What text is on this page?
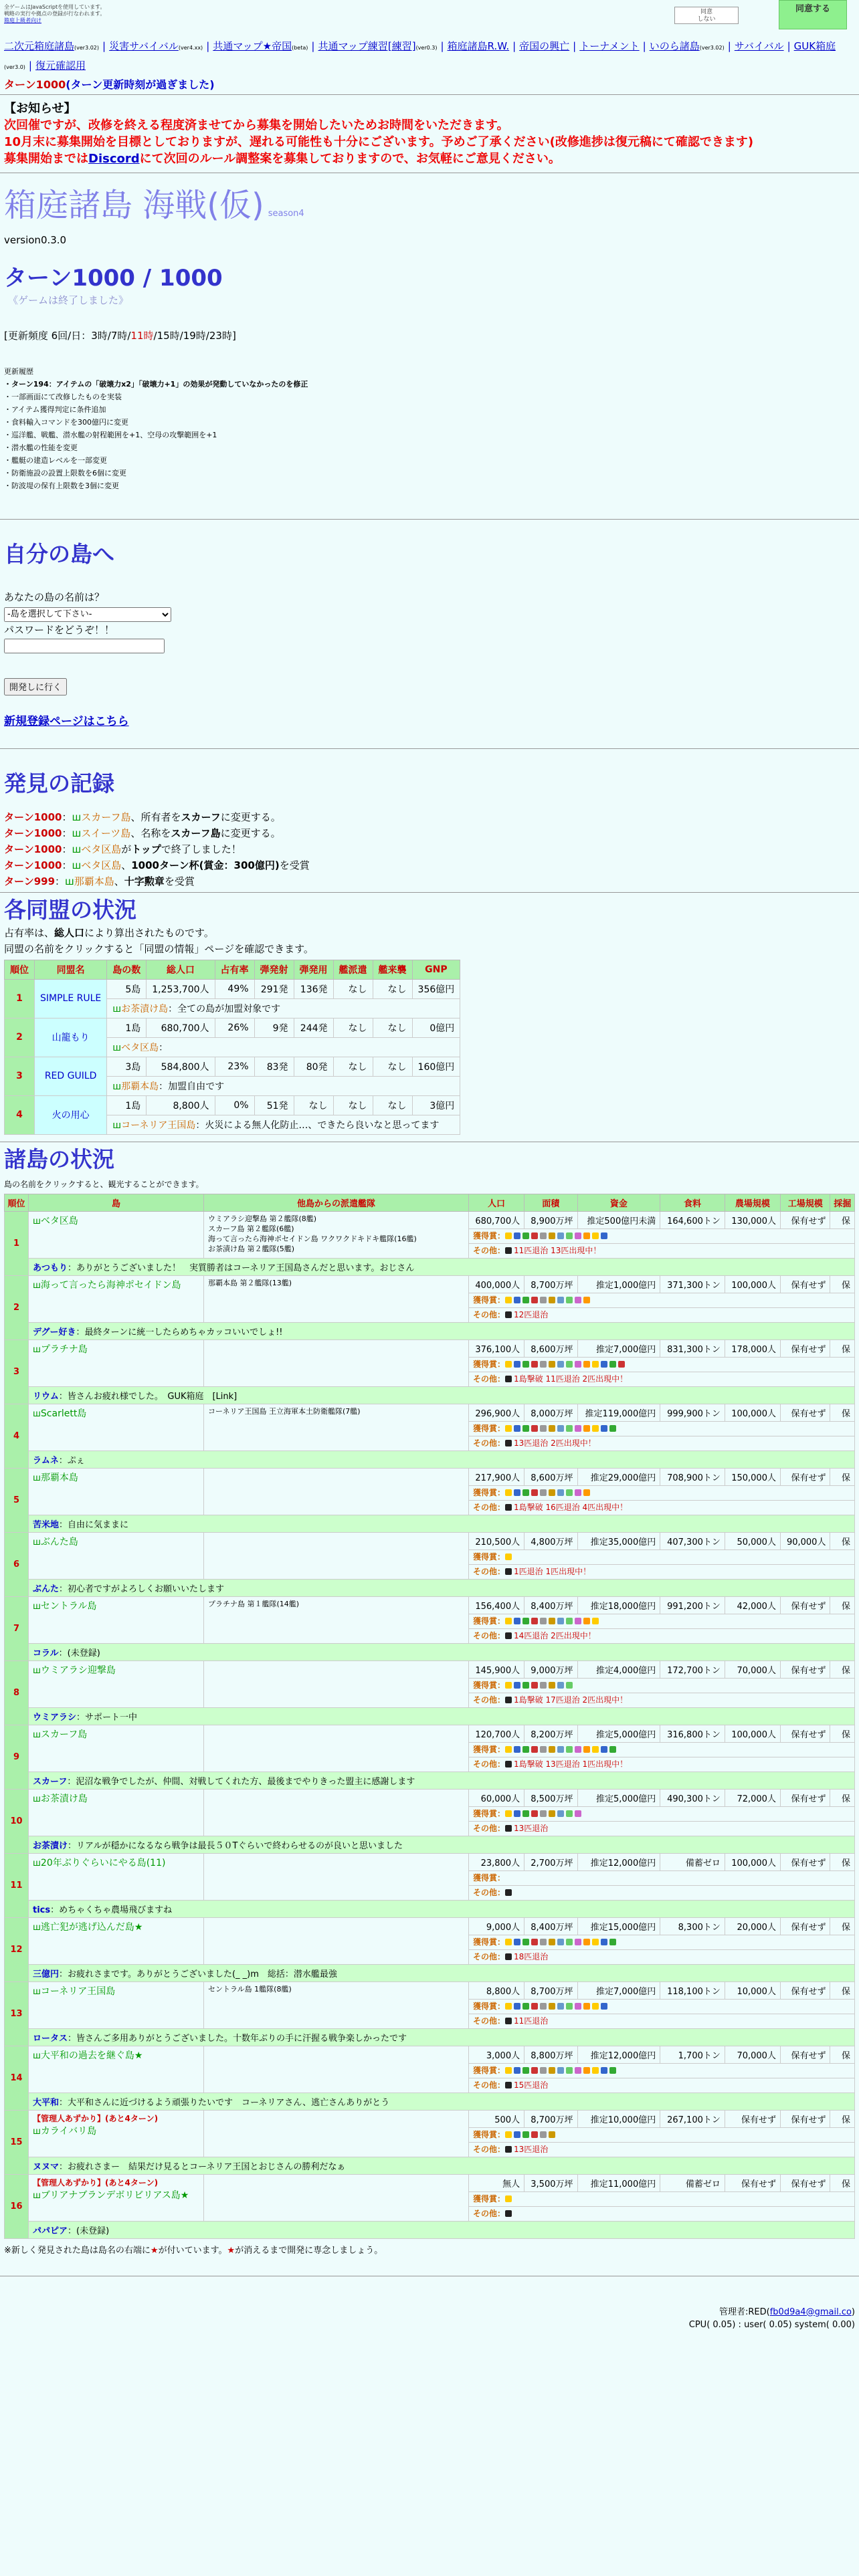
全ゲームはJavaScriptを使用しています。
戦略の実行や拠点の登録が行なわれます。
箱庭上級者向け
同意
しない
同意する
二次元箱庭諸島(ver3.02) | 災害サバイバル(ver4.xx) | 共通マップ★帝国(beta) | 共通マップ練習[練習](ver0.3) | 箱庭諸島R.W. | 帝国の興亡 | トーナメント | いのら諸島(ver3.02) | サバイバル | GUK箱庭(ver3.0) | 復元確認用
ターン1000(ターン更新時刻が過ぎました)
【お知らせ】
次回催ですが、改修を終える程度済ませてから募集を開始したいためお時間をいただきます。
10月末に募集開始を目標としておりますが、遅れる可能性も十分にございます。予めご了承ください(改修進捗は復元稿にて確認できます)
募集開始まではDiscordにて次回のルール調整案を募集しておりますので、お気軽にご意見ください。
箱庭諸島 海戦(仮) season4
version0.3.0
ターン1000 / 1000
《ゲームは終了しました》
[更新頻度 6回/日：3時/7時/11時/15時/19時/23時]
更新履歴
・ターン194：アイテムの「破壊力x2」「破壊力+1」の効果が発動していなかったのを修正
・一部画面にて改修したものを実装
・アイテム獲得判定に条件追加
・食料輸入コマンドを300億円に変更
・巡洋艦、戦艦、潜水艦の射程範囲を+1、空母の攻撃範囲を+1
・潜水艦の性能を変更
・艦艇の建造レベルを一部変更
・防衛施設の設置上限数を6個に変更
・防波堤の保有上限数を3個に変更
自分の島へ
あなたの島の名前は？
-島を選択して下さい-
パスワードをどうぞ！！
開発しに行く
新規登録ページはこちら
発見の記録
ターン1000：шスカーフ島、所有者をスカーフに変更する。
ターン1000：шスイーツ島、名称をスカーフ島に変更する。
ターン1000：шベタ区島がトップで終了しました！
ターン1000：шベタ区島、1000ターン杯(賞金：300億円)を受賞
ターン999：ш那覇本島、十字勲章を受賞
各同盟の状況
占有率は、総人口により算出されたものです。
同盟の名前をクリックすると「同盟の情報」ページを確認できます。
順位	同盟名	島の数	総人口	占有率	弾発射	弾発用	艦派遣	艦来襲	GNP
1	SIMPLE RULE	5島	1,253,700人	49%	291発	136発	なし	なし	356億円
		шお茶漬け島：全ての島が加盟対象です							
2	山籠もり	1島	680,700人	26%	9発	244発	なし	なし	0億円
		шベタ区島：							
3	RED GUILD	3島	584,800人	23%	83発	80発	なし	なし	160億円
		ш那覇本島：加盟自由です							
4	火の用心	1島	8,800人	0%	51発	なし	なし	なし	3億円
		шコーネリア王国島：火災による無人化防止…、できたら良いなと思ってます							
諸島の状況
島の名前をクリックすると、観光することができます。
順位	島	他島からの派遣艦隊	人口	面積	資金	食料	農場規模	工場規模	採掘
1	шベタ区島	ウミアラシ迎撃島 第２艦隊(8艦)
スカーフ島 第２艦隊(6艦)
海って言ったら海神ポセイドン島 ワクワクドキドキ艦隊(16艦)
お茶漬け島 第２艦隊(5艦)	680,700人	8,900万坪	推定500億円未満	164,600トン	130,000人	保有せず	保
			獲得賞：						
			その他： 11匹退治 13匹出現中！						
	あつもり：ありがとうございました！　実質勝者はコーネリア王国島さんだと思います。おじさん								
2	ш海って言ったら海神ポセイドン島	那覇本島 第２艦隊(13艦)	400,000人	8,700万坪	推定1,000億円	371,300トン	100,000人	保有せず	保
			獲得賞：						
			その他： 12匹退治						
	デグー好き：最終ターンに統一したらめちゃカッコいいでしょ!!								
3	шプラチナ島		376,100人	8,600万坪	推定7,000億円	831,300トン	178,000人	保有せず	保
			獲得賞：						
			その他： 1島撃破 11匹退治 2匹出現中！						
	リウム：皆さんお疲れ様でした。　GUK箱庭　[Link]								
4	шScarlett島	コーネリア王国島 王立海軍本土防衛艦隊(7艦)	296,900人	8,000万坪	推定119,000億円	999,900トン	100,000人	保有せず	保
			獲得賞：						
			その他： 13匹退治 2匹出現中！						
	ラムネ：ぷぇ								
5	ш那覇本島		217,900人	8,600万坪	推定29,000億円	708,900トン	150,000人	保有せず	保
			獲得賞：						
			その他： 1島撃破 16匹退治 4匹出現中！						
	苦米地：自由に気ままに								
6	шぶんた島		210,500人	4,800万坪	推定35,000億円	407,300トン	50,000人	90,000人	保
			獲得賞：						
			その他： 1匹退治 1匹出現中！						
	ぶんた：初心者ですがよろしくお願いいたします								
7	шセントラル島	プラチナ島 第１艦隊(14艦)	156,400人	8,400万坪	推定18,000億円	991,200トン	42,000人	保有せず	保
			獲得賞：						
			その他： 14匹退治 2匹出現中！						
	コラル：(未登録)								
8	шウミアラシ迎撃島		145,900人	9,000万坪	推定4,000億円	172,700トン	70,000人	保有せず	保
			獲得賞：						
			その他： 1島撃破 17匹退治 2匹出現中！						
	ウミアラシ：サポート一中								
9	шスカーフ島		120,700人	8,200万坪	推定5,000億円	316,800トン	100,000人	保有せず	保
			獲得賞：						
			その他： 1島撃破 13匹退治 1匹出現中！						
	スカーフ：泥沼な戦争でしたが、仲間、対戦してくれた方、最後までやりきった盟主に感謝します								
10	шお茶漬け島		60,000人	8,500万坪	推定5,000億円	490,300トン	72,000人	保有せず	保
			獲得賞：						
			その他： 13匹退治						
	お茶漬け：リアルが穏かになるなら戦争は最長５０Tぐらいで終わらせるのが良いと思いました								
11	ш20年ぶりぐらいにやる島(11)		23,800人	2,700万坪	推定12,000億円	備蓄ゼロ	100,000人	保有せず	保
			獲得賞：						
			その他：						
	tics：めちゃくちゃ農場飛びますね								
12	ш逃亡犯が逃げ込んだ島★		9,000人	8,400万坪	推定15,000億円	8,300トン	20,000人	保有せず	保
			獲得賞：						
			その他： 18匹退治						
	三億円：お疲れさまです。ありがとうございました(_ _)m　総括：潜水艦最強								
13	шコーネリア王国島	セントラル島 1艦隊(8艦)	8,800人	8,700万坪	推定7,000億円	118,100トン	10,000人	保有せず	保
			獲得賞：						
			その他： 11匹退治						
	ロータス：皆さんご多用ありがとうございました。十数年ぶりの手に汗握る戦争楽しかったです								
14	ш大平和の過去を継ぐ島★		3,000人	8,800万坪	推定12,000億円	1,700トン	70,000人	保有せず	保
			獲得賞：						
			その他： 15匹退治						
	大平和：大平和さんに近づけるよう頑張りたいです　コーネリアさん、逃亡さんありがとう								
15	【管理人あずかり】(あと4ターン)
шカライバリ島		500人	8,700万坪	推定10,000億円	267,100トン	保有せず	保有せず	保
			獲得賞：						
			その他： 13匹退治						
	ヌヌマ：お疲れさまー　結果だけ見るとコーネリア王国とおじさんの勝利だなぁ								
16	【管理人あずかり】(あと4ターン)
шブリアナブランデボリビリアス島★		無人	3,500万坪	推定11,000億円	備蓄ゼロ	保有せず	保有せず	保
			獲得賞：						
			その他：						
	パパピア：(未登録)								
※新しく発見された島は島名の右端に★が付いています。★が消えるまで開発に専念しましょう。
管理者:RED(fb0d9a4@gmail.co)
CPU( 0.05) : user( 0.05) system( 0.00)
